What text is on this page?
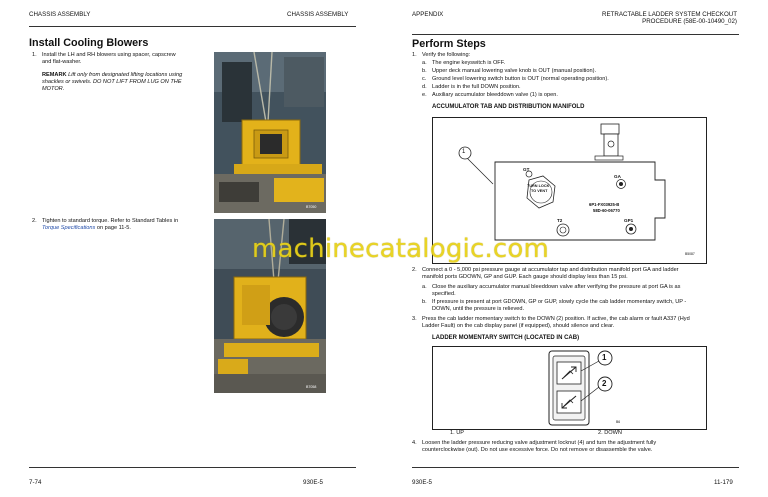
CHASSIS ASSEMBLY	CHASSIS ASSEMBLY
Install Cooling Blowers
1. Install the LH and RH blowers using spacer, capscrew
and flat-washer.
REMARK Lift only from designated lifting locations using
shackles or swivels. DO NOT LIFT FROM LUG ON THE
MOTOR.
B7050
2. Tighten to standard torque. Refer to Standard Tables in
Torque Specifications on page 11-5.
B7058
7-74	930E-5
APPENDIX	RETRACTABLE LADDER SYSTEM CHECKOUT
PROCEDURE (58E-00-10490_02)
Perform Steps
1. Verify the following:
a. The engine keyswitch is OFF.
b. Upper deck manual lowering valve knob is OUT (manual position).
c. Ground level lowering switch button is OUT (normal operating position).
d. Ladder is in the full DOWN position.
e. Auxiliary accumulator bleeddown valve (1) is open.
ACCUMULATOR TAB AND DISTRIBUTION MANIFOLD
1
GT
GA
TURN LOCK
TO VENT
6P1-FX03925-B
58D-60-06770
T2	GP1
B5087
2. Connect a 0 - 5,000 psi pressure gauge at accumulator tap and distribution manifold port GA and ladder
manifold ports GDOWN, GP and GUP. Each gauge should display less than 15 psi.
a. Close the auxiliary accumulator manual bleeddown valve after verifying the pressure at port GA is as
specified.
b. If pressure is present at port GDOWN, GP or GUP, slowly cycle the cab ladder momentary switch, UP -
DOWN, until the pressure is relieved.
3. Press the cab ladder momentary switch to the DOWN (2) position. If active, the cab alarm or fault A337 (Hyd
Ladder Fault) on the cab display panel (if equipped), should silence and clear.
LADDER MOMENTARY SWITCH (LOCATED IN CAB)
1
2
B6
1. UP	2. DOWN
4. Loosen the ladder pressure reducing valve adjustment locknut (4) and turn the adjustment fully
counterclockwise (out). Do not use excessive force. Do not remove or disassemble the valve.
930E-5	11-179
machinecatalogic.com
